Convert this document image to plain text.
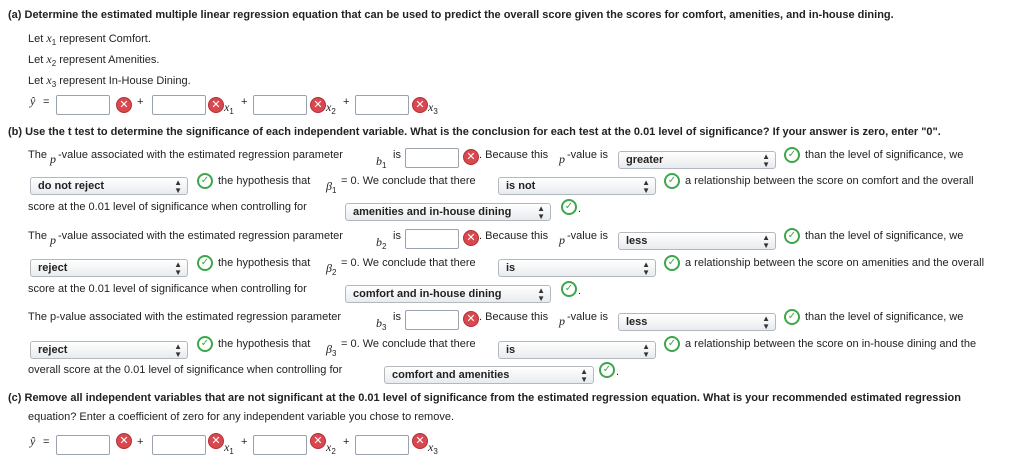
(a) Determine the estimated multiple linear regression equation that can be used to predict the overall score given the scores for comfort, amenities, and in-house dining.
Let $x_1$ represent Comfort.
Let $x_2$ represent Amenities.
Let $x_3$ represent In-House Dining.
ŷ =	✕ +	✕ $x_1$
+	✕ $x_2$
+	✕ $x_3$
(b) Use the t test to determine the significance of each independent variable. What is the conclusion for each test at the 0.01 level of significance? If your answer is zero, enter "0".
The p -value associated with the estimated regression parameter	$b_1$
is	✕ . Because this p -value is	greater	▲
▼
✓ than the level of significance, we
do not reject	▲
▼
✓ the hypothesis that $\beta_1$
= 0. We conclude that there	is not	▲
▼
✓ a relationship between the score on comfort and the overall
score at the 0.01 level of significance when controlling for	amenities and in-house dining	▲
▼
✓ .
The p -value associated with the estimated regression parameter	$b_2$
is	✕ . Because this p -value is	less	▲
▼
✓ than the level of significance, we
reject	▲
▼
✓ the hypothesis that $\beta_2$
= 0. We conclude that there	is	▲
▼
✓ a relationship between the score on amenities and the overall
score at the 0.01 level of significance when controlling for	comfort and in-house dining	▲
▼
✓ .
The p-value associated with the estimated regression parameter	$b_3$
is	✕ . Because this p -value is	less	▲
▼
✓ than the level of significance, we
reject	▲
▼
✓ the hypothesis that $\beta_3$
= 0. We conclude that there	is	▲
▼
✓ a relationship between the score on in-house dining and the
overall score at the 0.01 level of significance when controlling for	comfort and amenities	▲
▼
✓ .
(c) Remove all independent variables that are not significant at the 0.01 level of significance from the estimated regression equation. What is your recommended estimated regression
equation? Enter a coefficient of zero for any independent variable you chose to remove.
ŷ =	✕ +	✕ $x_1$
+	✕ $x_2$
+	✕ $x_3$
